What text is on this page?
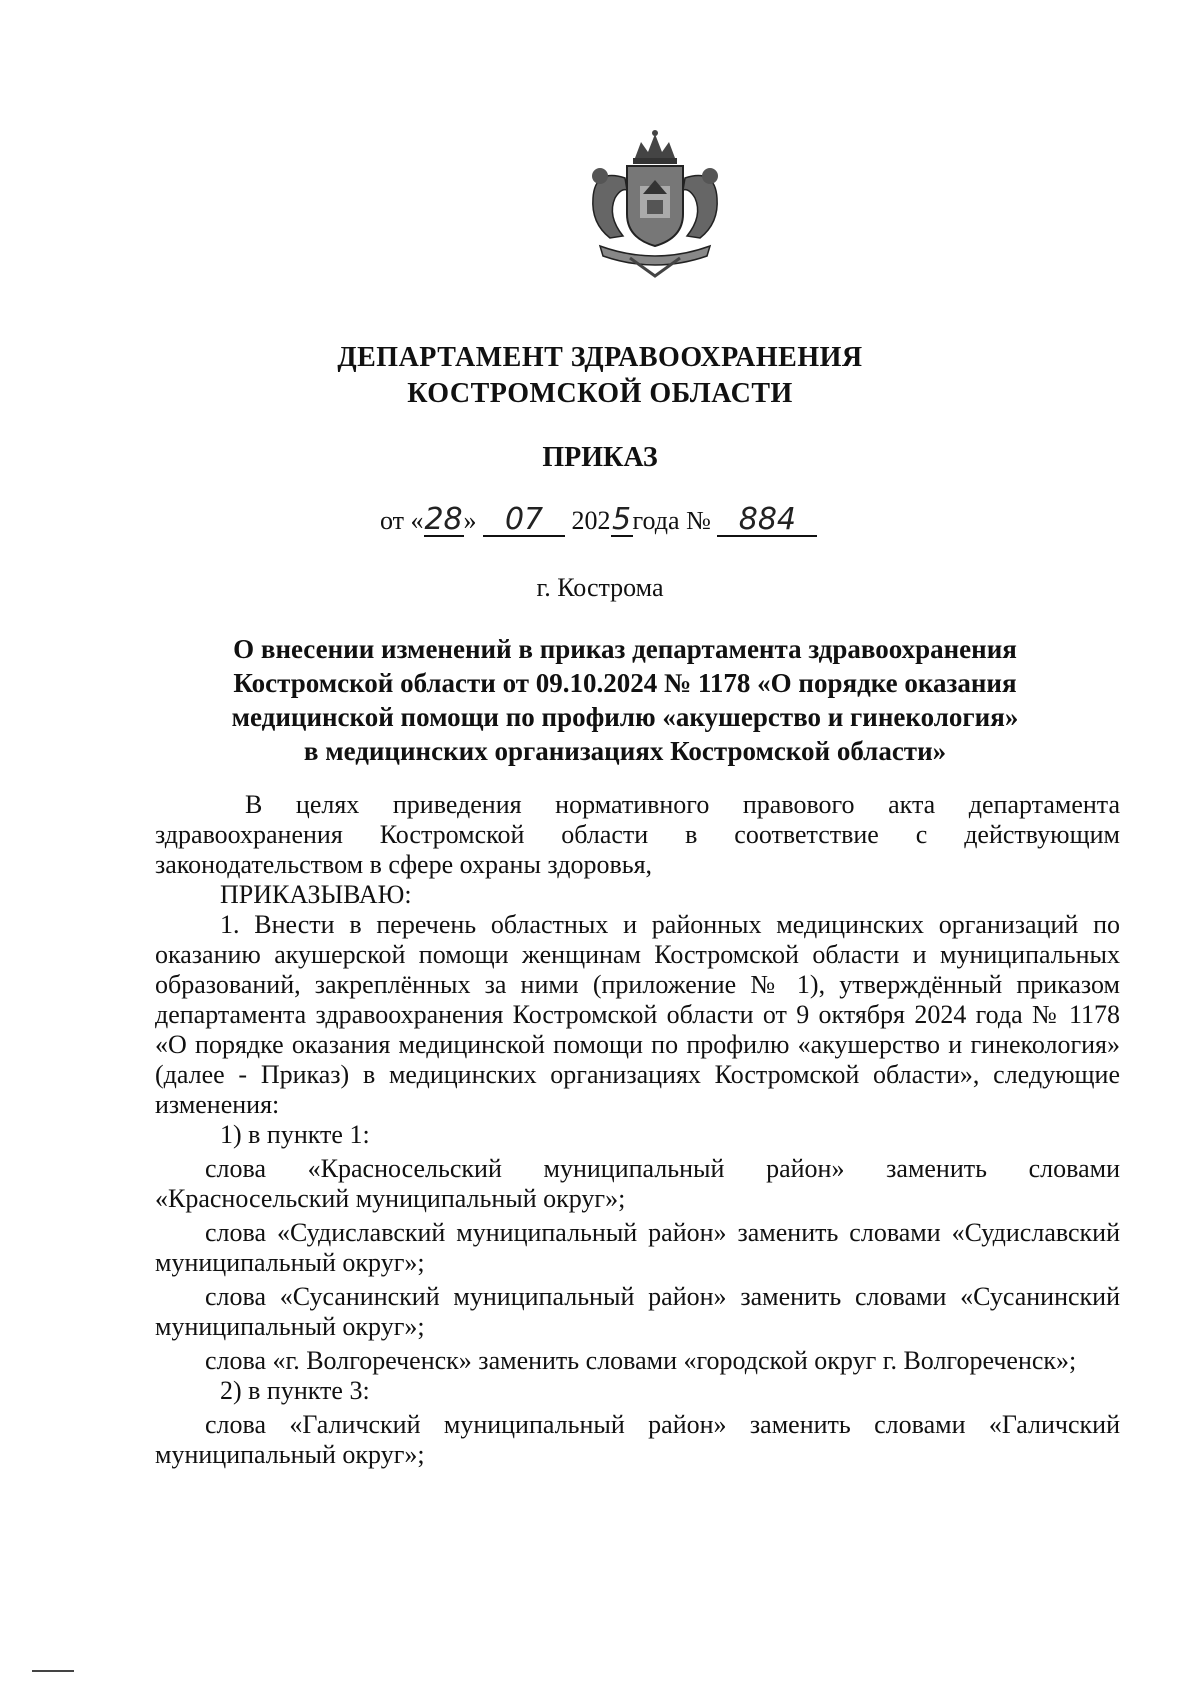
ДЕПАРТАМЕНТ ЗДРАВООХРАНЕНИЯ
КОСТРОМСКОЙ ОБЛАСТИ
ПРИКАЗ
от «28» 07 2025года № 884
г. Кострома
О внесении изменений в приказ департамента здравоохранения
Костромской области от 09.10.2024 № 1178 «О порядке оказания
медицинской помощи по профилю «акушерство и гинекология»
в медицинских организациях Костромской области»

В целях приведения нормативного правового акта департамента здравоохранения Костромской области в соответствие с действующим законодательством в сфере охраны здоровья,

ПРИКАЗЫВАЮ:

1. Внести в перечень областных и районных медицинских организаций по оказанию акушерской помощи женщинам Костромской области и муниципальных образований, закреплённых за ними (приложение № 1), утверждённый приказом департамента здравоохранения Костромской области от 9 октября 2024 года № 1178 «О порядке оказания медицинской помощи по профилю «акушерство и гинекология» (далее - Приказ) в медицинских организациях Костромской области», следующие изменения:

1) в пункте 1:

слова «Красносельский муниципальный район» заменить словами «Красносельский муниципальный округ»;

слова «Судиславский муниципальный район» заменить словами «Судиславский муниципальный округ»;

слова «Сусанинский муниципальный район» заменить словами «Сусанинский муниципальный округ»;

слова «г. Волгореченск» заменить словами «городской округ г. Волгореченск»;

2) в пункте 3:

слова «Галичский муниципальный район» заменить словами «Галичский муниципальный округ»;
